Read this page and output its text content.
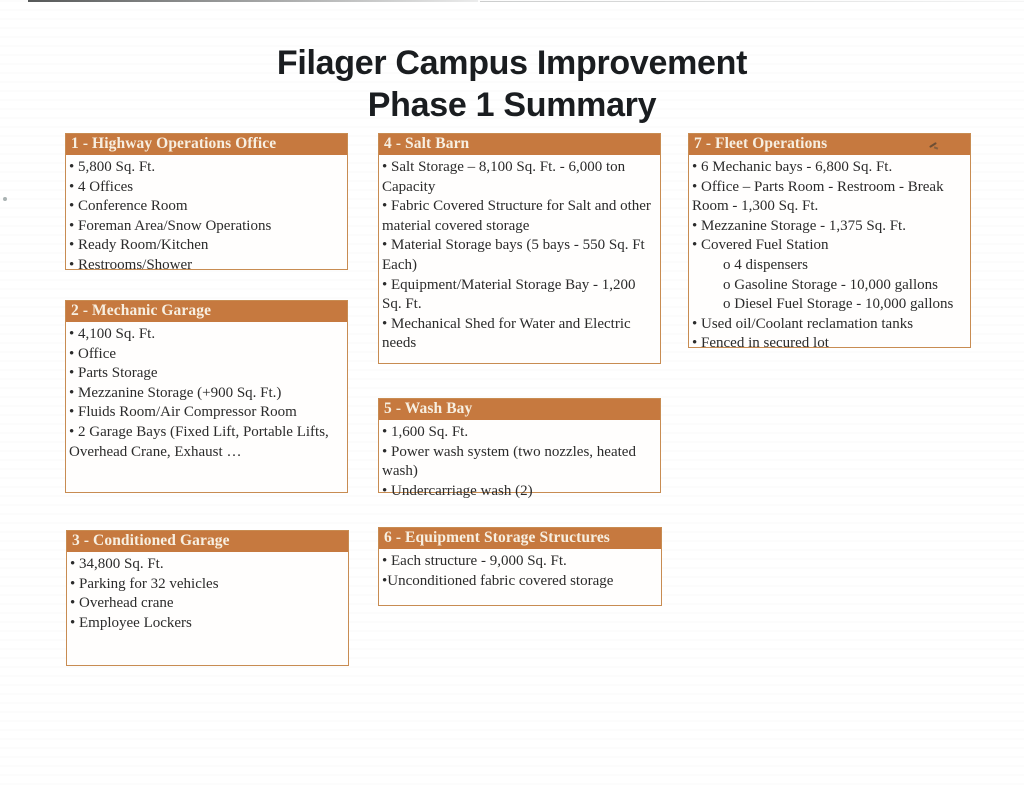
Filager Campus Improvement
Phase 1 Summary
1 - Highway Operations Office
• 5,800 Sq. Ft.
• 4 Offices
• Conference Room
• Foreman Area/Snow Operations
• Ready Room/Kitchen
• Restrooms/Shower
2 - Mechanic Garage
• 4,100 Sq. Ft.
• Office
• Parts Storage
• Mezzanine Storage (+900 Sq. Ft.)
• Fluids Room/Air Compressor Room
• 2 Garage Bays (Fixed Lift, Portable Lifts, Overhead Crane, Exhaust …
3 - Conditioned Garage
• 34,800 Sq. Ft.
• Parking for 32 vehicles
• Overhead crane
• Employee Lockers
4 - Salt Barn
• Salt Storage – 8,100 Sq. Ft. - 6,000 ton Capacity
• Fabric Covered Structure for Salt and other material covered storage
• Material Storage bays (5 bays - 550 Sq. Ft Each)
• Equipment/Material Storage Bay - 1,200 Sq. Ft.
• Mechanical Shed for Water and Electric needs
5 - Wash Bay
• 1,600 Sq. Ft.
• Power wash system (two nozzles, heated wash)
• Undercarriage wash (2)
6 - Equipment Storage Structures
• Each structure - 9,000 Sq. Ft.
•Unconditioned fabric covered storage
7 - Fleet Operations
• 6 Mechanic bays - 6,800 Sq. Ft.
• Office – Parts Room - Restroom - Break Room - 1,300 Sq. Ft.
• Mezzanine Storage - 1,375 Sq. Ft.
• Covered Fuel Station
o 4 dispensers
o Gasoline Storage - 10,000 gallons
o Diesel Fuel Storage - 10,000 gallons
• Used oil/Coolant reclamation tanks
• Fenced in secured lot
